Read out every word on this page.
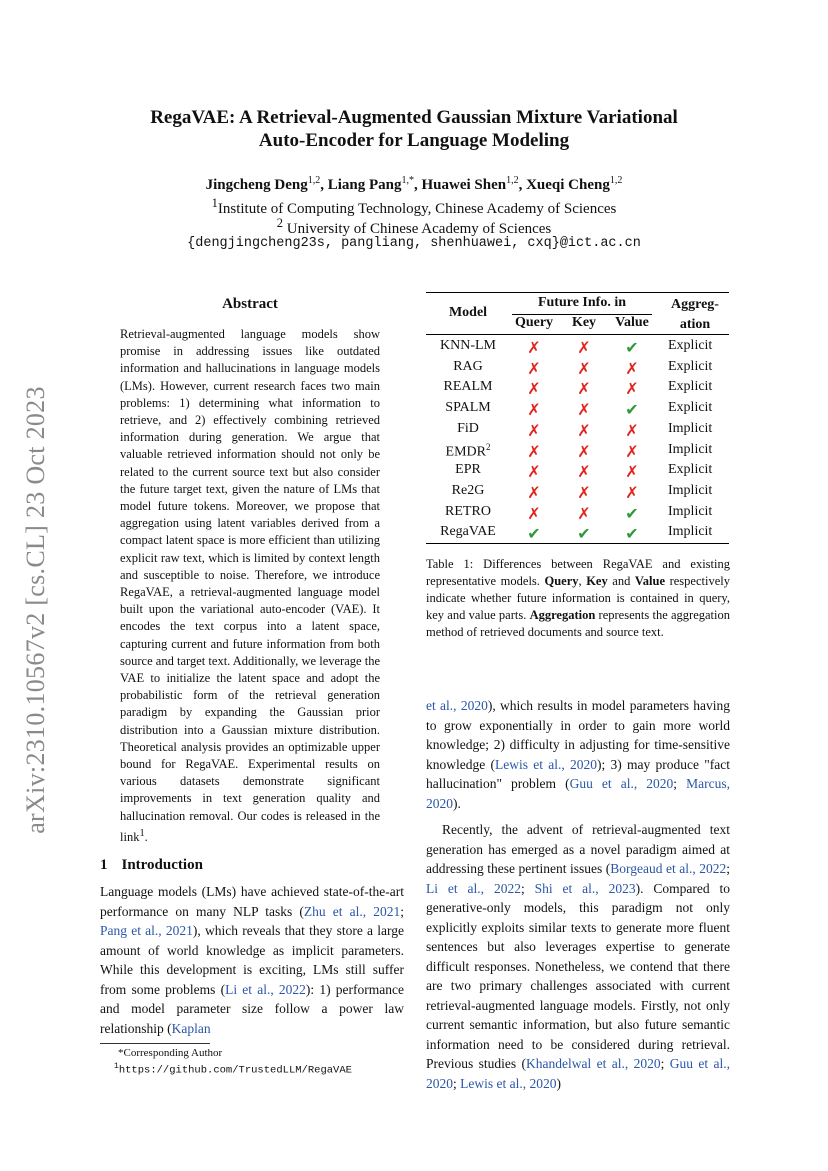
arXiv:2310.10567v2 [cs.CL] 23 Oct 2023
RegaVAE: A Retrieval-Augmented Gaussian Mixture Variational
Auto-Encoder for Language Modeling
Jingcheng Deng$^{1,2}$, Liang Pang$^{1,*}$, Huawei Shen$^{1,2}$, Xueqi Cheng$^{1,2}$
$^1$Institute of Computing Technology, Chinese Academy of Sciences
$^2$ University of Chinese Academy of Sciences
{dengjingcheng23s, pangliang, shenhuawei, cxq}@ict.ac.cn
Abstract
Retrieval-augmented language models show promise in addressing issues like outdated information and hallucinations in language models (LMs). However, current research faces two main problems: 1) determining what information to retrieve, and 2) effectively combining retrieved information during generation. We argue that valuable retrieved information should not only be related to the current source text but also consider the future target text, given the nature of LMs that model future tokens. Moreover, we propose that aggregation using latent variables derived from a compact latent space is more efficient than utilizing explicit raw text, which is limited by context length and susceptible to noise. Therefore, we introduce RegaVAE, a retrieval-augmented language model built upon the variational auto-encoder (VAE). It encodes the text corpus into a latent space, capturing current and future information from both source and target text. Additionally, we leverage the VAE to initialize the latent space and adopt the probabilistic form of the retrieval generation paradigm by expanding the Gaussian prior distribution into a Gaussian mixture distribution. Theoretical analysis provides an optimizable upper bound for RegaVAE. Experimental results on various datasets demonstrate significant improvements in text generation quality and hallucination removal. Our codes is released in the link$^1$.
1 Introduction
Language models (LMs) have achieved state-of-the-art performance on many NLP tasks (Zhu et al., 2021; Pang et al., 2021), which reveals that they store a large amount of world knowledge as implicit parameters. While this development is exciting, LMs still suffer from some problems (Li et al., 2022): 1) performance and model parameter size follow a power law relationship (Kaplan
*Corresponding Author
$^1$https://github.com/TrustedLLM/RegaVAE
Model
Future Info. in
Query	Key	Value
Aggreg-
ation
KNN-LM	✗ ✗ ✔ Explicit
RAG	✗ ✗ ✗ Explicit
REALM	✗ ✗ ✗ Explicit
SPALM	✗ ✗ ✔ Explicit
FiD	✗ ✗ ✗ Implicit
EMDR$^2$	✗ ✗ ✗ Implicit
EPR	✗ ✗ ✗ Explicit
Re2G	✗ ✗ ✗ Implicit
RETRO	✗ ✗ ✔ Implicit
RegaVAE	✔ ✔ ✔ Implicit
Table 1: Differences between RegaVAE and existing representative models. Query, Key and Value respectively indicate whether future information is contained in query, key and value parts. Aggregation represents the aggregation method of retrieved documents and source text.

et al., 2020), which results in model parameters having to grow exponentially in order to gain more world knowledge; 2) difficulty in adjusting for time-sensitive knowledge (Lewis et al., 2020); 3) may produce "fact hallucination" problem (Guu et al., 2020; Marcus, 2020).

Recently, the advent of retrieval-augmented text generation has emerged as a novel paradigm aimed at addressing these pertinent issues (Borgeaud et al., 2022; Li et al., 2022; Shi et al., 2023). Compared to generative-only models, this paradigm not only explicitly exploits similar texts to generate more fluent sentences but also leverages expertise to generate difficult responses. Nonetheless, we contend that there are two primary challenges associated with current retrieval-augmented language models. Firstly, not only current semantic information, but also future semantic information need to be considered during retrieval. Previous studies (Khandelwal et al., 2020; Guu et al., 2020; Lewis et al., 2020)
